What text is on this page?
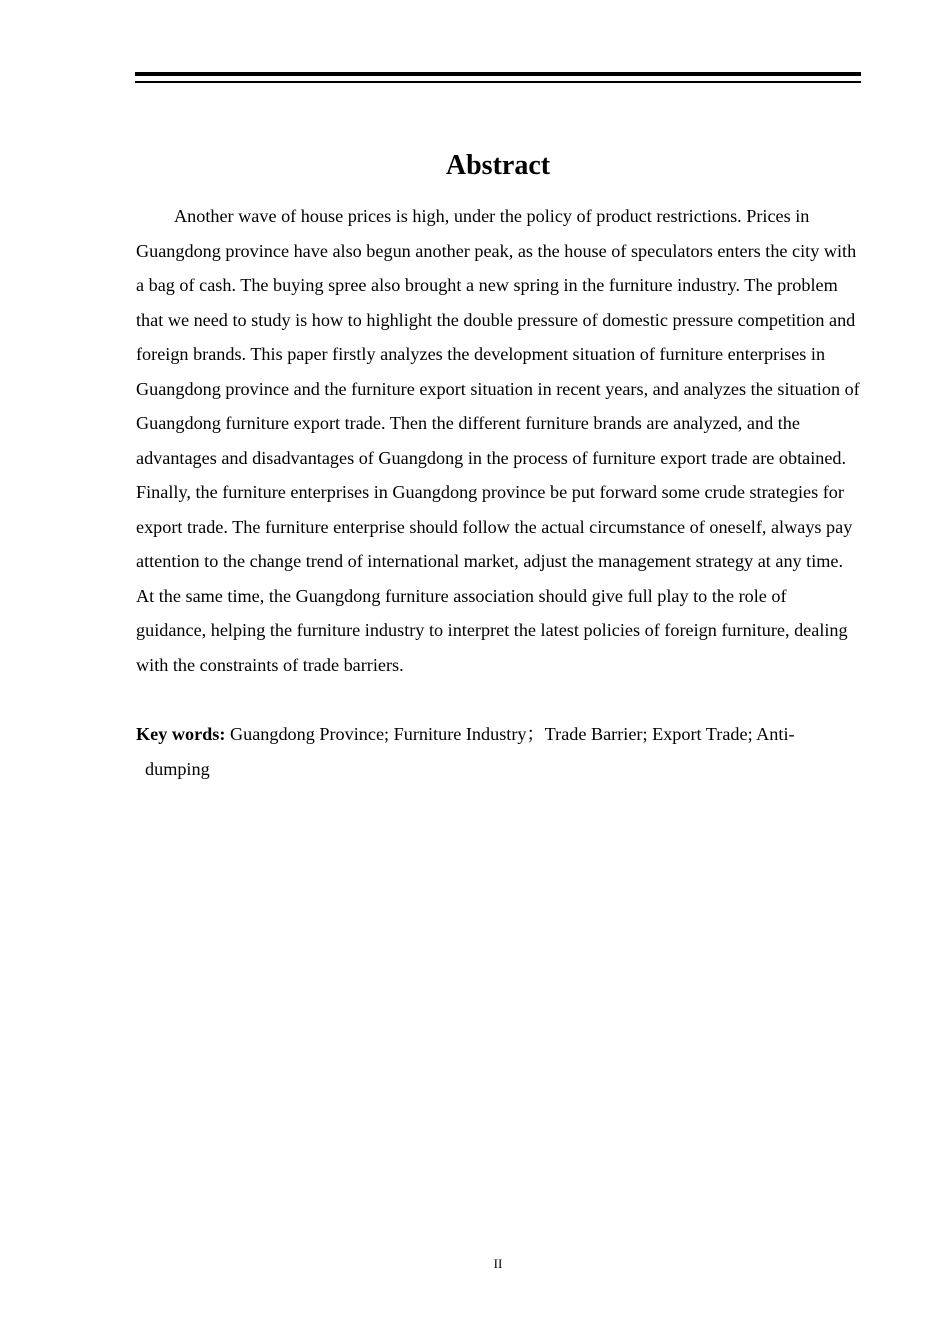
Abstract

Another wave of house prices is high, under the policy of product restrictions. Prices in Guangdong province have also begun another peak, as the house of speculators enters the city with a bag of cash. The buying spree also brought a new spring in the furniture industry. The problem that we need to study is how to highlight the double pressure of domestic pressure competition and foreign brands. This paper firstly analyzes the development situation of furniture enterprises in Guangdong province and the furniture export situation in recent years, and analyzes the situation of Guangdong furniture export trade. Then the different furniture brands are analyzed, and the advantages and disadvantages of Guangdong in the process of furniture export trade are obtained. Finally, the furniture enterprises in Guangdong province be put forward some crude strategies for export trade. The furniture enterprise should follow the actual circumstance of oneself, always pay attention to the change trend of international market, adjust the management strategy at any time. At the same time, the Guangdong furniture association should give full play to the role of guidance, helping the furniture industry to interpret the latest policies of foreign furniture, dealing with the constraints of trade barriers.

Key words: Guangdong Province; Furniture Industry；Trade Barrier; Export Trade; Anti-
dumping
II
